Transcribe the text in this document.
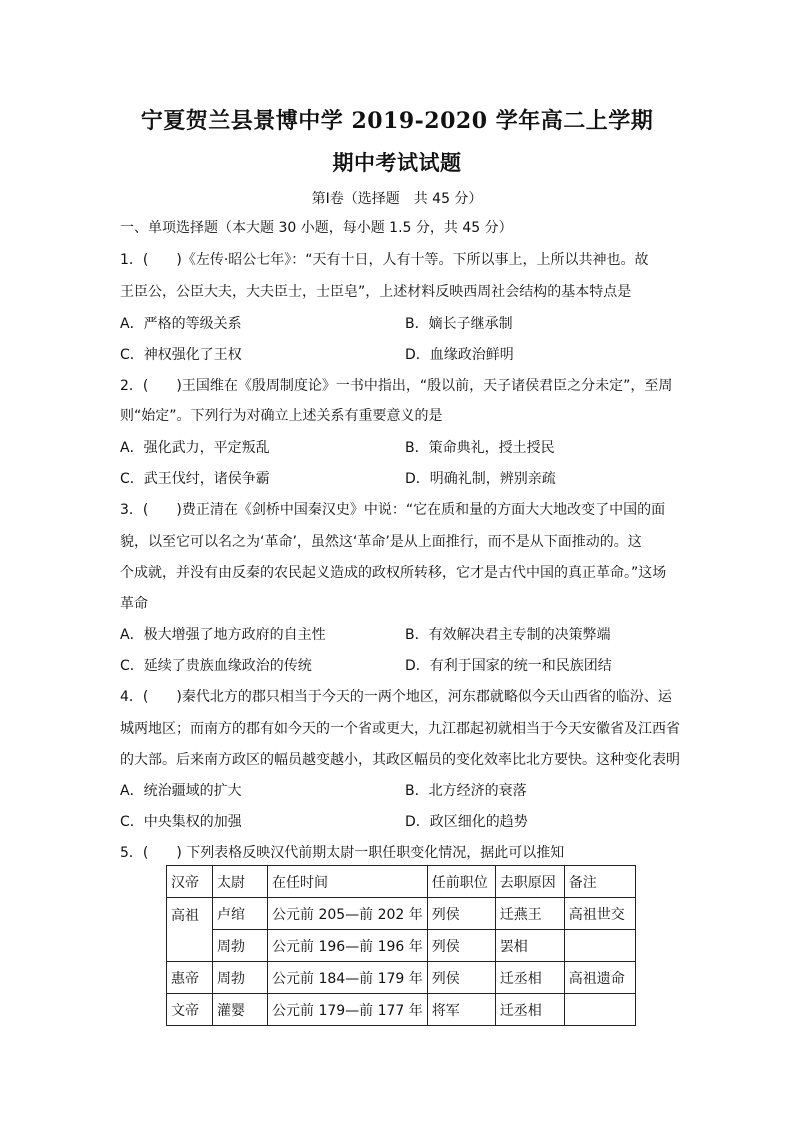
宁夏贺兰县景博中学 2019-2020 学年高二上学期
期中考试试题
第Ⅰ卷（选择题　共 45 分）
一、单项选择题（本大题 30 小题，每小题 1.5 分，共 45 分）
1．(　　)《左传·昭公七年》：“天有十日，人有十等。下所以事上，上所以共神也。故
王臣公，公臣大夫，大夫臣士，士臣皂”，上述材料反映西周社会结构的基本特点是
A．严格的等级关系	B．嫡长子继承制
C．神权强化了王权	D．血缘政治鲜明
2．(　　)王国维在《殷周制度论》一书中指出，“殷以前，天子诸侯君臣之分未定”，至周
则“始定”。下列行为对确立上述关系有重要意义的是
A．强化武力，平定叛乱	B．策命典礼，授土授民
C．武王伐纣，诸侯争霸	D．明确礼制，辨别亲疏
3．(　　)费正清在《剑桥中国秦汉史》中说：“它在质和量的方面大大地改变了中国的面
貌，以至它可以名之为‘革命’，虽然这‘革命’是从上面推行，而不是从下面推动的。这
个成就，并没有由反秦的农民起义造成的政权所转移，它才是古代中国的真正革命。”这场
革命
A．极大增强了地方政府的自主性	B．有效解决君主专制的决策弊端
C．延续了贵族血缘政治的传统	D．有利于国家的统一和民族团结
4．(　　)秦代北方的郡只相当于今天的一两个地区，河东郡就略似今天山西省的临汾、运
城两地区；而南方的郡有如今天的一个省或更大，九江郡起初就相当于今天安徽省及江西省
的大部。后来南方政区的幅员越变越小，其政区幅员的变化效率比北方要快。这种变化表明
A．统治疆域的扩大	B．北方经济的衰落
C．中央集权的加强	D．政区细化的趋势
5．(　　) 下列表格反映汉代前期太尉一职任职变化情况，据此可以推知
汉帝	太尉	在任时间	任前职位	去职原因	备注
高祖	卢绾	公元前 205—前 202 年	列侯	迁燕王	高祖世交
	周勃	公元前 196—前 196 年	列侯	罢相	
惠帝	周勃	公元前 184—前 179 年	列侯	迁丞相	高祖遗命
文帝	灌婴	公元前 179—前 177 年	将军	迁丞相	
